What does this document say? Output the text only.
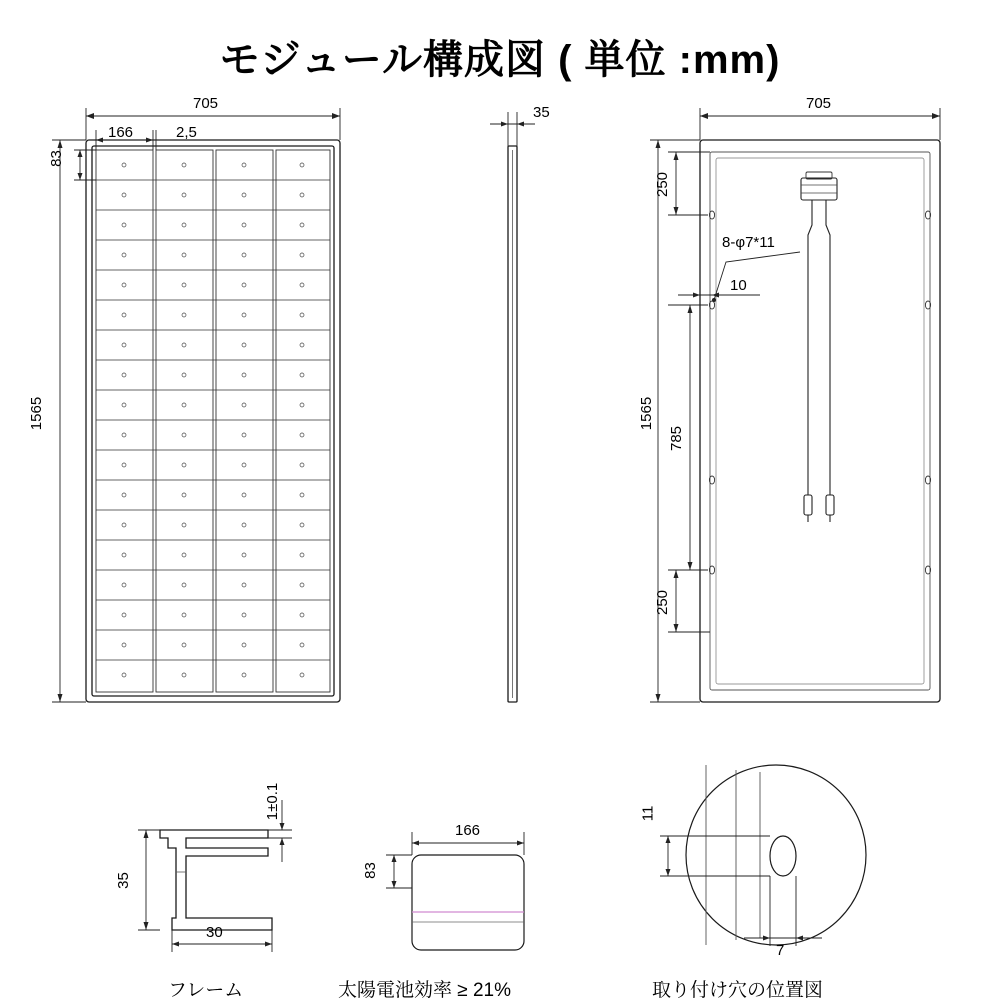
モジュール構成図 ( 単位 :mm)
705
166	2,5
83
1565
35
705
250
785
250
1565
8-φ7*11
10
35
30
1±0.1
166
83
11
7
フレーム	太陽電池効率 ≥ 21%	取り付け穴の位置図
